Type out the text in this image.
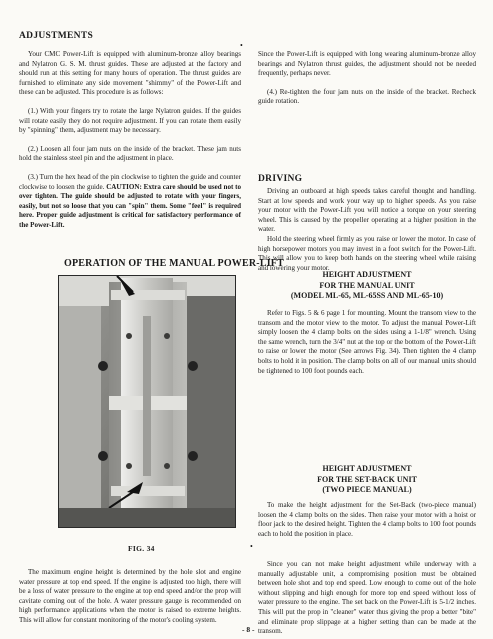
ADJUSTMENTS
•

Your CMC Power-Lift is equipped with aluminum-bronze alloy bearings and Nylatron G. S. M. thrust guides. These are adjusted at the factory and should run at this setting for many hours of operation. The thrust guides are furnished to eliminate any side movement "shimmy" of the Power-Lift and these can be adjusted. This procedure is as follows:

(1.) With your fingers try to rotate the large Nylatron guides. If the guides will rotate easily they do not require adjustment. If you can rotate them easily by "spinning" them, adjustment may be necessary.

(2.) Loosen all four jam nuts on the inside of the bracket. These jam nuts hold the stainless steel pin and the adjustment in place.

(3.) Turn the hex head of the pin clockwise to tighten the guide and counter clockwise to loosen the guide. CAUTION: Extra care should be used not to over tighten. The guide should be adjusted to rotate with your fingers, easily, but not so loose that you can "spin" them. Some "feel" is required here. Proper guide adjustment is critical for satisfactory performance of the Power-Lift.

Since the Power-Lift is equipped with long wearing aluminum-bronze alloy bearings and Nylatron thrust guides, the adjustment should not be needed frequently, perhaps never.

(4.) Re-tighten the four jam nuts on the inside of the bracket. Recheck guide rotation.

DRIVING

Driving an outboard at high speeds takes careful thought and handling. Start at low speeds and work your way up to higher speeds. As you raise your motor with the Power-Lift you will notice a torque on your steering wheel. This is caused by the propeller operating at a higher position in the water.

Hold the steering wheel firmly as you raise or lower the motor. In case of high horsepower motors you may invest in a foot switch for the Power-Lift. This will allow you to keep both hands on the steering wheel while raising and lowering your motor.

OPERATION OF THE MANUAL POWER-LIFT
FIG. 34	•
HEIGHT ADJUSTMENT
FOR THE MANUAL UNIT
(MODEL ML-65, ML-65SS AND ML-65-10)

Refer to Figs. 5 & 6 page 1 for mounting. Mount the transom view to the transom and the motor view to the motor. To adjust the manual Power-Lift simply loosen the 4 clamp bolts on the sides using a 1-1/8" wrench. Using the same wrench, turn the 3/4" nut at the top or the bottom of the Power-Lift to raise or lower the motor (See arrows Fig. 34). Then tighten the 4 clamp bolts to hold it in position. The clamp bolts on all of our manual units should be tightened to 100 foot pounds each.

HEIGHT ADJUSTMENT
FOR THE SET-BACK UNIT
(TWO PIECE MANUAL)

To make the height adjustment for the Set-Back (two-piece manual) loosen the 4 clamp bolts on the sides. Then raise your motor with a hoist or floor jack to the desired height. Tighten the 4 clamp bolts to 100 foot pounds each to hold the position in place.

Since you can not make height adjustment while underway with a manually adjustable unit, a compromising position must be obtained between hole shot and top end speed. Low enough to come out of the hole without slipping and high enough for more top end speed without loss of water pressure to the engine. The set back on the Power-Lift is 5-1/2 inches. This will put the prop in "cleaner" water thus giving the prop a better "bite" and eliminate prop slippage at a higher setting than can be made at the transom.

The maximum engine height is determined by the hole slot and engine water pressure at top end speed. If the engine is adjusted too high, there will be a loss of water pressure to the engine at top end speed and/or the prop will cavitate coming out of the hole. A water pressure gauge is recommended on high performance applications when the motor is raised to extreme heights. This will allow for constant monitoring of the motor's cooling system.

- 8 -
